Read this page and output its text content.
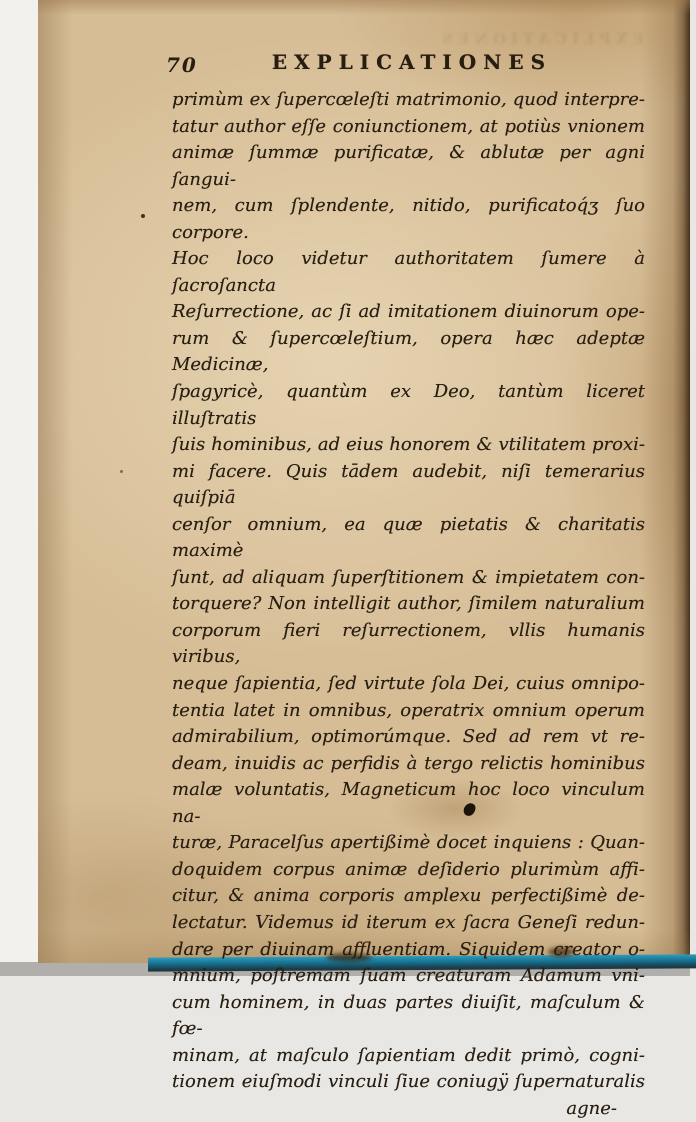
EXPLICATIONES
70	EXPLICATIONES
primùm ex ſupercœleſti matrimonio, quod interpre-
tatur author eſſe coniunctionem, at potiùs vnionem
animæ ſummæ purificatæ, & ablutæ per agni ſangui-
nem, cum ſplendente, nitido, purificatoq́ʒ ſuo corpore.
Hoc loco videtur authoritatem ſumere à ſacroſancta
Reſurrectione, ac ſi ad imitationem diuinorum ope-
rum & ſupercœleſtium, opera hæc adeptæ Medicinæ,
ſpagyricè, quantùm ex Deo, tantùm liceret illuſtratis
ſuis hominibus, ad eius honorem & vtilitatem proxi-
mi facere. Quis tādem audebit, niſi temerarius quiſpiā
cenſor omnium, ea quæ pietatis & charitatis maximè
ſunt, ad aliquam ſuperſtitionem & impietatem con-
torquere? Non intelligit author, ſimilem naturalium
corporum fieri reſurrectionem, vllis humanis viribus,
neque ſapientia, ſed virtute ſola Dei, cuius omnipo-
tentia latet in omnibus, operatrix omnium operum
admirabilium, optimorúmque. Sed ad rem vt re-
deam, inuidis ac perfidis à tergo relictis hominibus
malæ voluntatis, Magneticum hoc loco vinculum na-
turæ, Paracelſus apertißimè docet inquiens : Quan-
doquidem corpus animæ deſiderio plurimùm affi-
citur, & anima corporis amplexu perfectißimè de-
lectatur. Videmus id iterum ex ſacra Geneſi redun-
dare per diuinam affluentiam. Siquidem creator o-
mnium, poſtremam ſuam creaturam Adamum vni-
cum hominem, in duas partes diuiſit, maſculum & fœ-
minam, at maſculo ſapientiam dedit primò, cogni-
tionem eiuſmodi vinculi ſiue coniugÿ ſupernaturalis
agne-
